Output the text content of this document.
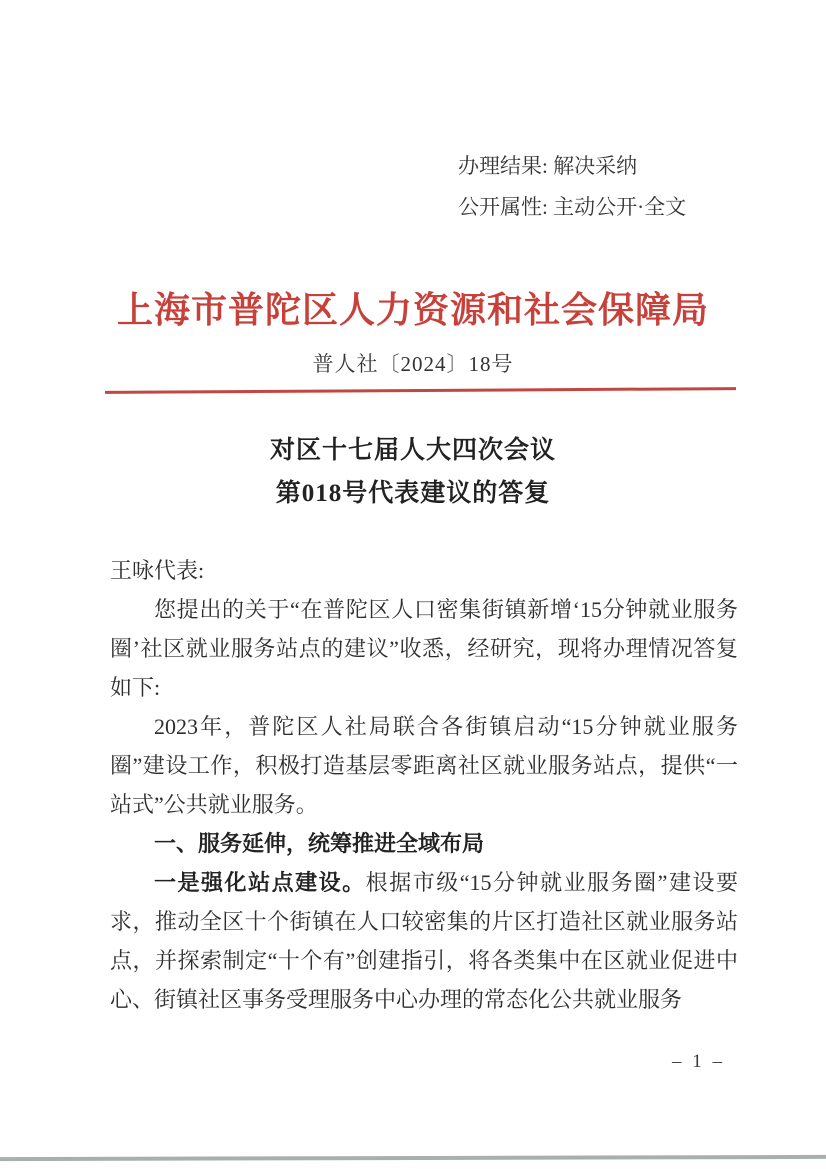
办理结果: 解决采纳
公开属性: 主动公开·全文
上海市普陀区人力资源和社会保障局
普人社〔2024〕18号
对区十七届人大四次会议
第018号代表建议的答复

王咏代表:

您提出的关于“在普陀区人口密集街镇新增‘15分钟就业服务圈’社区就业服务站点的建议”收悉，经研究，现将办理情况答复如下:

2023年，普陀区人社局联合各街镇启动“15分钟就业服务圈”建设工作，积极打造基层零距离社区就业服务站点，提供“一站式”公共就业服务。

一、服务延伸，统筹推进全域布局

一是强化站点建设。根据市级“15分钟就业服务圈”建设要求，推动全区十个街镇在人口较密集的片区打造社区就业服务站点，并探索制定“十个有”创建指引，将各类集中在区就业促进中心、街镇社区事务受理服务中心办理的常态化公共就业服务

– 1 –
